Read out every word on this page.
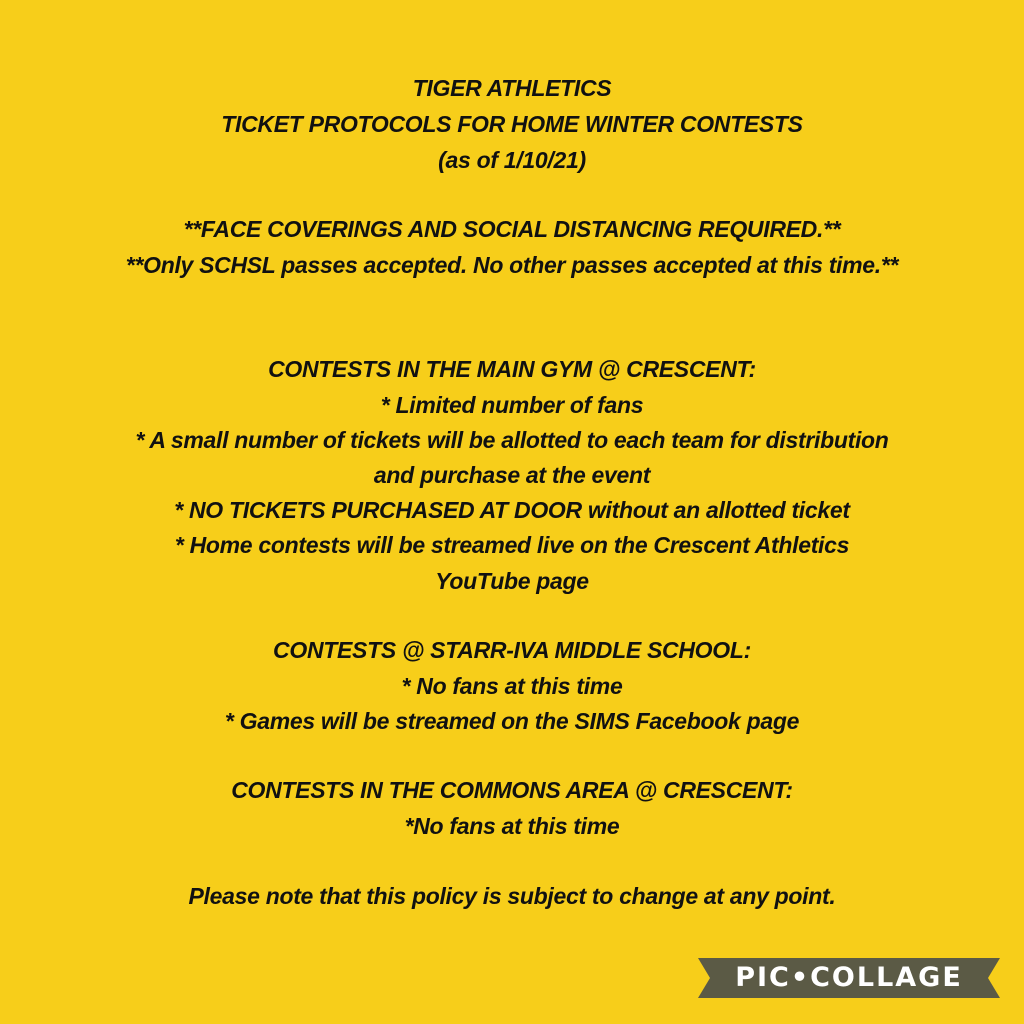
TIGER ATHLETICS
TICKET PROTOCOLS FOR HOME WINTER CONTESTS
(as of 1/10/21)
**FACE COVERINGS AND SOCIAL DISTANCING REQUIRED.**
**Only SCHSL passes accepted. No other passes accepted at this time.**
CONTESTS IN THE MAIN GYM @ CRESCENT:
* Limited number of fans
* A small number of tickets will be allotted to each team for distribution
and purchase at the event
* NO TICKETS PURCHASED AT DOOR without an allotted ticket
* Home contests will be streamed live on the Crescent Athletics
YouTube page
CONTESTS @ STARR-IVA MIDDLE SCHOOL:
* No fans at this time
* Games will be streamed on the SIMS Facebook page
CONTESTS IN THE COMMONS AREA @ CRESCENT:
*No fans at this time
Please note that this policy is subject to change at any point.
PIC•COLLAGE
